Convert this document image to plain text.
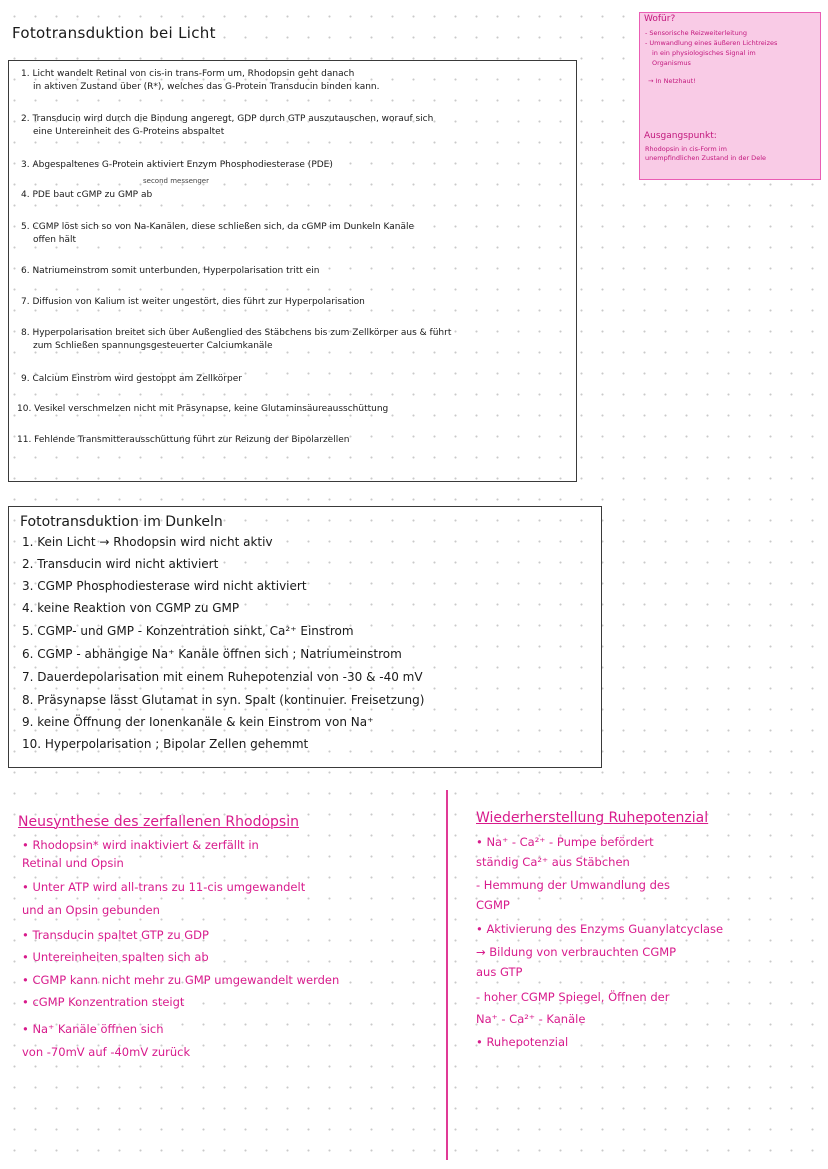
Fototransduktion bei Licht
1. Licht wandelt Retinal von cis-in trans-Form um, Rhodopsin geht danach
in aktiven Zustand über (R*), welches das G-Protein Transducin binden kann.
2. Transducin wird durch die Bindung angeregt, GDP durch GTP auszutauschen, worauf sich
eine Untereinheit des G-Proteins abspaltet
3. Abgespaltenes G-Protein aktiviert Enzym Phosphodiesterase (PDE)
second messenger
4. PDE baut cGMP zu GMP ab
5. CGMP löst sich so von Na-Kanälen, diese schließen sich, da cGMP im Dunkeln Kanäle
offen hält
6. Natriumeinstrom somit unterbunden, Hyperpolarisation tritt ein
7. Diffusion von Kalium ist weiter ungestört, dies führt zur Hyperpolarisation
8. Hyperpolarisation breitet sich über Außenglied des Stäbchens bis zum Zellkörper aus & führt
zum Schließen spannungsgesteuerter Calciumkanäle
9. Calcium Einstrom wird gestoppt am Zellkörper
10. Vesikel verschmelzen nicht mit Präsynapse, keine Glutaminsäureausschüttung
11. Fehlende Transmitterausschüttung führt zur Reizung der Bipolarzellen
Wofür?
- Sensorische Reizweiterleitung
- Umwandlung eines äußeren Lichtreizes
in ein physiologisches Signal im
Organismus
→ In Netzhaut!
Ausgangspunkt:
Rhodopsin in cis-Form im
unempfindlichen Zustand in der Dele
Fototransduktion im Dunkeln
1. Kein Licht → Rhodopsin wird nicht aktiv
2. Transducin wird nicht aktiviert
3. CGMP Phosphodiesterase wird nicht aktiviert
4. keine Reaktion von CGMP zu GMP
5. CGMP- und GMP - Konzentration sinkt, Ca²⁺ Einstrom
6. CGMP - abhängige Na⁺ Kanäle öffnen sich ; Natriumeinstrom
7. Dauerdepolarisation mit einem Ruhepotenzial von -30 & -40 mV
8. Präsynapse lässt Glutamat in syn. Spalt (kontinuier. Freisetzung)
9. keine Öffnung der Ionenkanäle & kein Einstrom von Na⁺
10. Hyperpolarisation ; Bipolar Zellen gehemmt
Neusynthese des zerfallenen Rhodopsin
• Rhodopsin* wird inaktiviert & zerfällt in
Retinal und Opsin
• Unter ATP wird all-trans zu 11-cis umgewandelt
und an Opsin gebunden
• Transducin spaltet GTP zu GDP
• Untereinheiten spalten sich ab
• CGMP kann nicht mehr zu GMP umgewandelt werden
• cGMP Konzentration steigt
• Na⁺ Kanäle öffnen sich
von -70mV auf -40mV zurück
Wiederherstellung Ruhepotenzial
• Na⁺ - Ca²⁺ - Pumpe befördert
ständig Ca²⁺ aus Stäbchen
- Hemmung der Umwandlung des
CGMP
• Aktivierung des Enzyms Guanylatcyclase
→ Bildung von verbrauchten CGMP
aus GTP
- hoher CGMP Spiegel, Öffnen der
Na⁺ - Ca²⁺ - Kanäle
• Ruhepotenzial
